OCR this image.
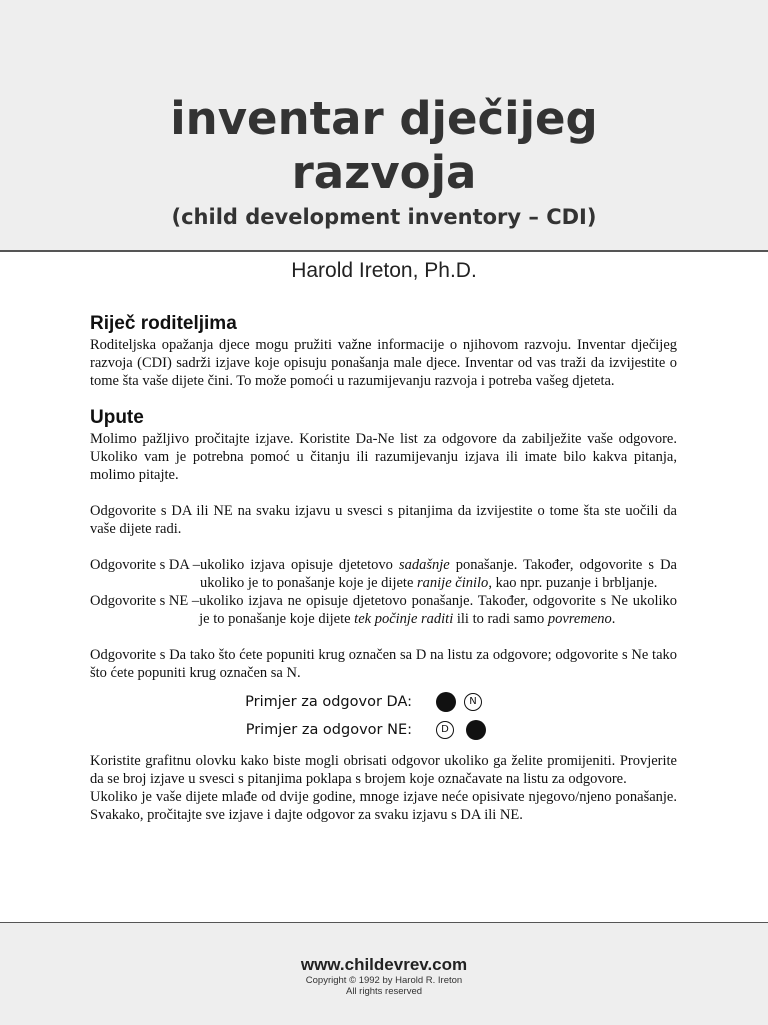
inventar dječijeg
razvoja
(child development inventory – CDI)
Harold Ireton, Ph.D.
Riječ roditeljima

Roditeljska opažanja djece mogu pružiti važne informacije o njihovom razvoju. Inventar dječijeg razvoja (CDI) sadrži izjave koje opisuju ponašanja male djece. Inventar od vas traži da izvijestite o tome šta vaše dijete čini. To može pomoći u razumijevanju razvoja i potreba vašeg djeteta.

Upute

Molimo pažljivo pročitajte izjave. Koristite Da-Ne list za odgovore da zabilježite vaše odgovore. Ukoliko vam je potrebna pomoć u čitanju ili razumijevanju izjava ili imate bilo kakva pitanja, molimo pitajte.

Odgovorite s DA ili NE na svaku izjavu u svesci s pitanjima da izvijestite o tome šta ste uočili da vaše dijete radi.

Odgovorite s DA – ukoliko izjava opisuje djetetovo sadašnje ponašanje. Također, odgovorite s Da ukoliko je to ponašanje koje je dijete ranije činilo, kao npr. puzanje i brbljanje.
Odgovorite s NE – ukoliko izjava ne opisuje djetetovo ponašanje. Također, odgovorite s Ne ukoliko je to ponašanje koje dijete tek počinje raditi ili to radi samo povremeno.

Odgovorite s Da tako što ćete popuniti krug označen sa D na listu za odgovore; odgovorite s Ne tako što ćete popuniti krug označen sa N.

Primjer za odgovor DA:	N
Primjer za odgovor NE:	D

Koristite grafitnu olovku kako biste mogli obrisati odgovor ukoliko ga želite promijeniti. Provjerite da se broj izjave u svesci s pitanjima poklapa s brojem koje označavate na listu za odgovore.

Ukoliko je vaše dijete mlađe od dvije godine, mnoge izjave neće opisivate njegovo/njeno ponašanje. Svakako, pročitajte sve izjave i dajte odgovor za svaku izjavu s DA ili NE.

www.childevrev.com
Copyright © 1992 by Harold R. Ireton
All rights reserved
